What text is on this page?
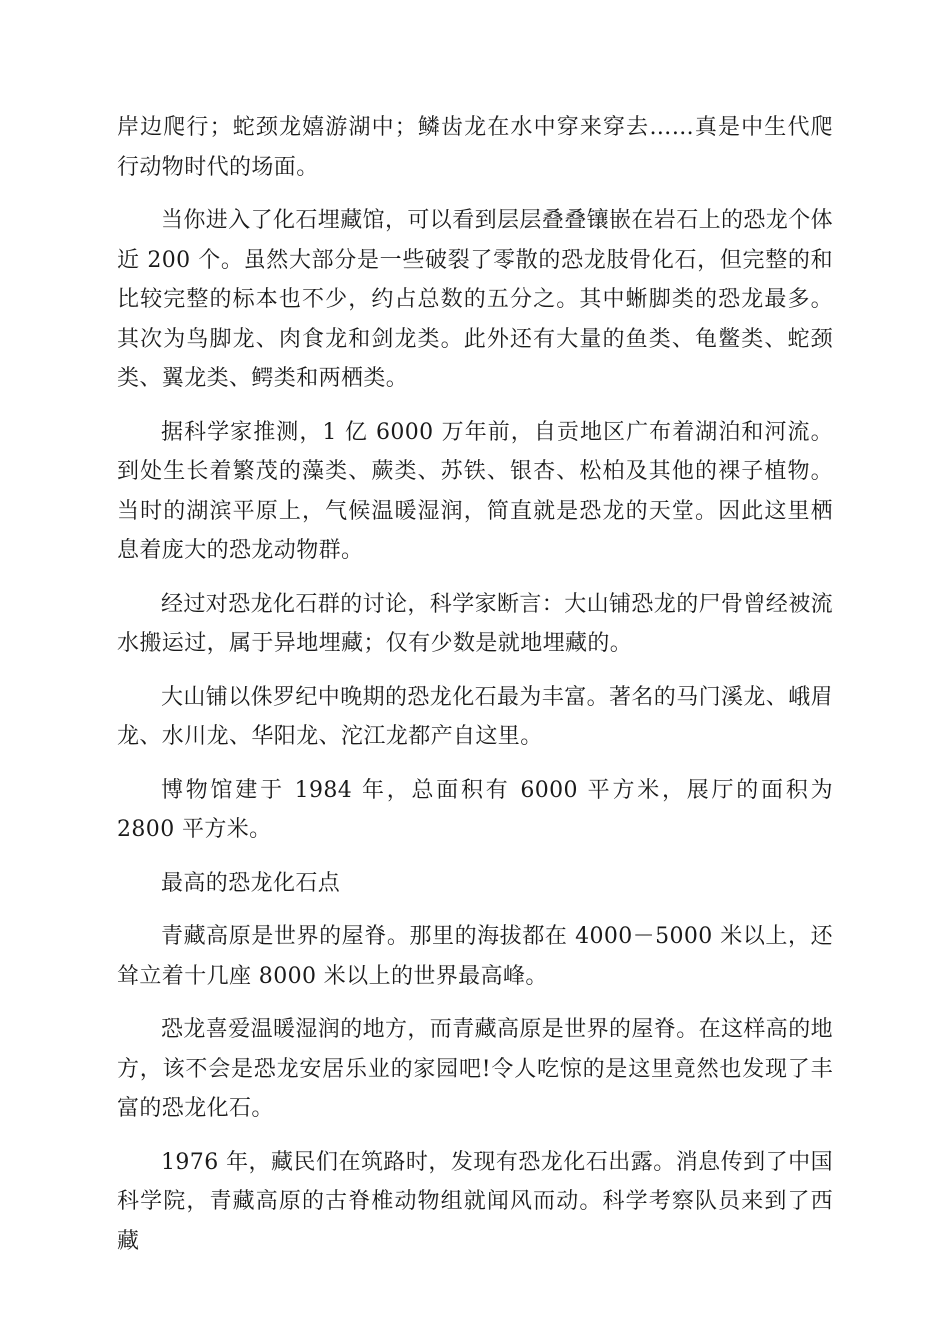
岸边爬行；蛇颈龙嬉游湖中；鳞齿龙在水中穿来穿去……真是中生代爬行动物时代的场面。

当你进入了化石埋藏馆，可以看到层层叠叠镶嵌在岩石上的恐龙个体近 200 个。虽然大部分是一些破裂了零散的恐龙肢骨化石，但完整的和比较完整的标本也不少，约占总数的五分之。其中蜥脚类的恐龙最多。其次为鸟脚龙、肉食龙和剑龙类。此外还有大量的鱼类、龟鳖类、蛇颈类、翼龙类、鳄类和两栖类。

据科学家推测，1 亿 6000 万年前，自贡地区广布着湖泊和河流。到处生长着繁茂的藻类、蕨类、苏铁、银杏、松柏及其他的裸子植物。当时的湖滨平原上，气候温暖湿润，简直就是恐龙的天堂。因此这里栖息着庞大的恐龙动物群。

经过对恐龙化石群的讨论，科学家断言：大山铺恐龙的尸骨曾经被流水搬运过，属于异地埋藏；仅有少数是就地埋藏的。

大山铺以侏罗纪中晚期的恐龙化石最为丰富。著名的马门溪龙、峨眉龙、水川龙、华阳龙、沱江龙都产自这里。

博物馆建于 1984 年，总面积有 6000 平方米，展厅的面积为 2800 平方米。

最高的恐龙化石点

青藏高原是世界的屋脊。那里的海拔都在 4000－5000 米以上，还耸立着十几座 8000 米以上的世界最高峰。

恐龙喜爱温暖湿润的地方，而青藏高原是世界的屋脊。在这样高的地方，该不会是恐龙安居乐业的家园吧!令人吃惊的是这里竟然也发现了丰富的恐龙化石。

1976 年，藏民们在筑路时，发现有恐龙化石出露。消息传到了中国科学院，青藏高原的古脊椎动物组就闻风而动。科学考察队员来到了西藏
